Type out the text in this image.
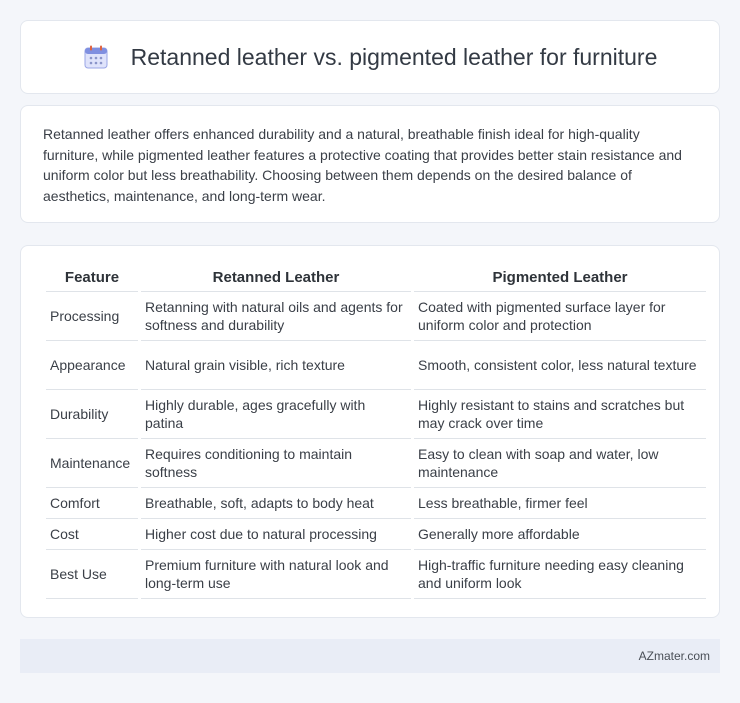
Retanned leather vs. pigmented leather for furniture

Retanned leather offers enhanced durability and a natural, breathable finish ideal for high-quality furniture, while pigmented leather features a protective coating that provides better stain resistance and uniform color but less breathability. Choosing between them depends on the desired balance of aesthetics, maintenance, and long-term wear.

Feature	Retanned Leather	Pigmented Leather
Processing	Retanning with natural oils and agents for softness and durability	Coated with pigmented surface layer for uniform color and protection
Appearance	Natural grain visible, rich texture	Smooth, consistent color, less natural texture
Durability	Highly durable, ages gracefully with patina	Highly resistant to stains and scratches but may crack over time
Maintenance	Requires conditioning to maintain softness	Easy to clean with soap and water, low maintenance
Comfort	Breathable, soft, adapts to body heat	Less breathable, firmer feel
Cost	Higher cost due to natural processing	Generally more affordable
Best Use	Premium furniture with natural look and long-term use	High-traffic furniture needing easy cleaning and uniform look
AZmater.com
